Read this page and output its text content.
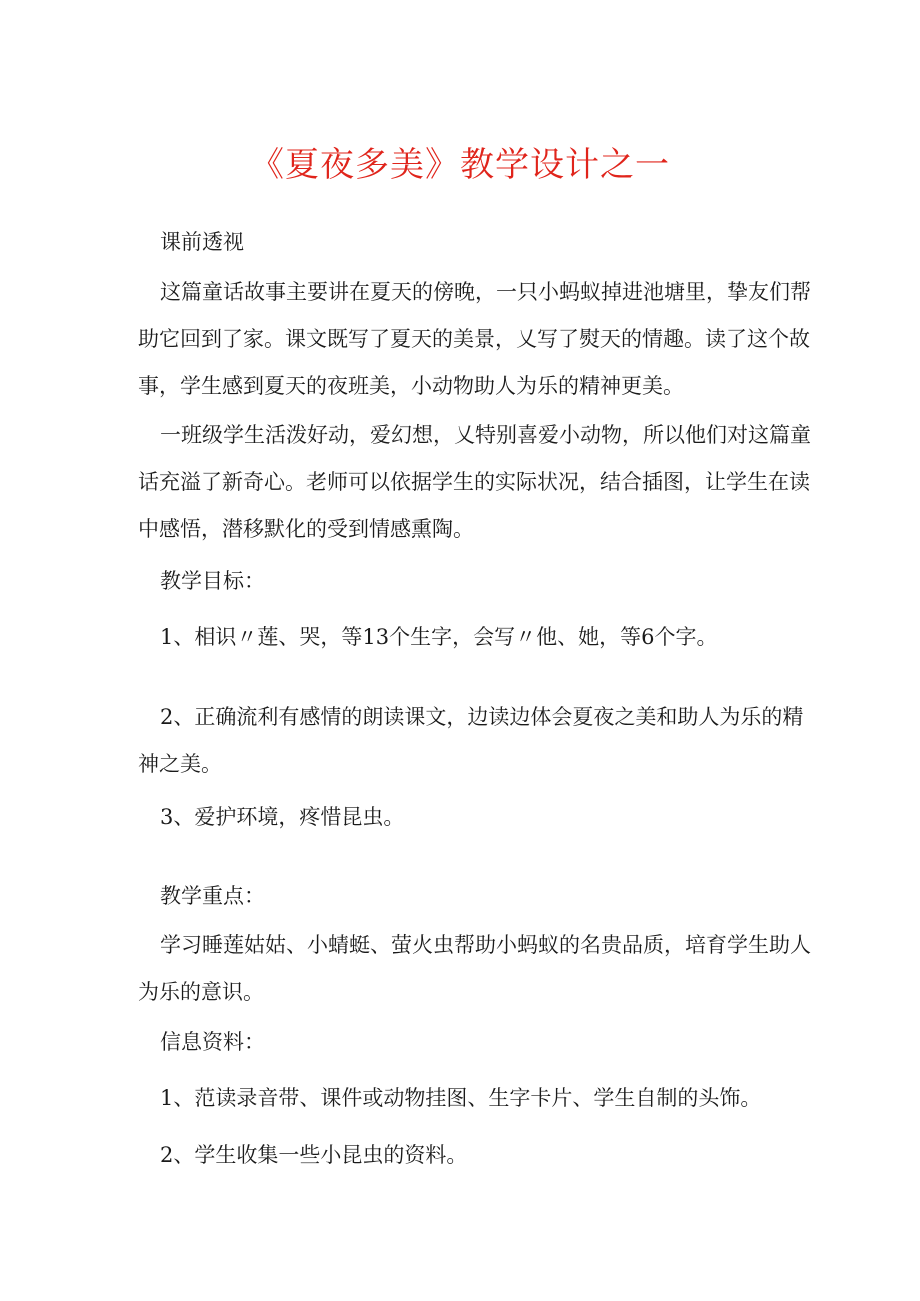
《夏夜多美》教学设计之一
课前透视
这篇童话故事主要讲在夏天的傍晚，一只小蚂蚁掉进池塘里，挚友们帮
助它回到了家。课文既写了夏天的美景，乂写了熨天的情趣。读了这个故
事，学生感到夏天的夜班美，小动物助人为乐的精神更美。
一班级学生活泼好动，爱幻想，乂特别喜爱小动物，所以他们对这篇童
话充溢了新奇心。老师可以依据学生的实际状况，结合插图，让学生在读
中感悟，潜移默化的受到情感熏陶。
教学目标：
1、相识〃莲、哭，等13个生字，会写〃他、她，等6个字。
2、正确流利有感情的朗读课文，边读边体会夏夜之美和助人为乐的精
神之美。
3、爱护环境，疼惜昆虫。
教学重点：
学习睡莲姑姑、小蜻蜓、萤火虫帮助小蚂蚁的名贵品质，培育学生助人
为乐的意识。
信息资料：
1、范读录音带、课件或动物挂图、生字卡片、学生自制的头饰。
2、学生收集一些小昆虫的资料。
